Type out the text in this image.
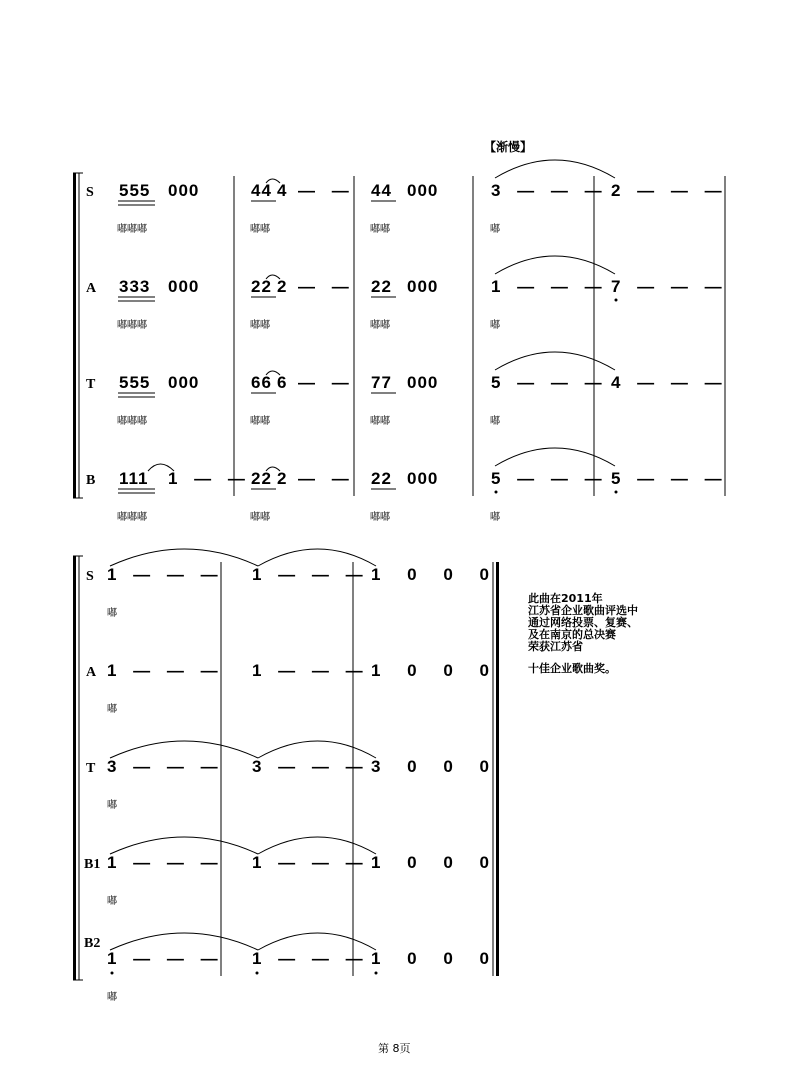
【渐慢】
S 555 000	44 4 — — 44 000	3 — — — 2 — — —
嘟嘟嘟	嘟嘟	嘟嘟	嘟
A 333 000	22 2 — — 22 000	1 — — — 7 — — —
嘟嘟嘟	嘟嘟	嘟嘟	嘟
T 555 000	66 6 — — 77 000	5 — — — 4 — — —
嘟嘟嘟	嘟嘟	嘟嘟	嘟
B 111 1 — — 22 2 — — 22 000	5 — — — 5 — — —
嘟嘟嘟	嘟嘟	嘟嘟	嘟
S 1 — — — 1 — — — 1 0 0 0
嘟
A 1 — — — 1 — — — 1 0 0 0
嘟
T 3 — — — 3 — — — 3 0 0 0
嘟
B1 1 — — — 1 — — — 1 0 0 0
嘟
B2
1 — — — 1 — — — 1 0 0 0
嘟
此曲在2011年
江苏省企业歌曲评选中
通过网络投票、复赛、
及在南京的总决赛
荣获江苏省
十佳企业歌曲奖。
第 8页
